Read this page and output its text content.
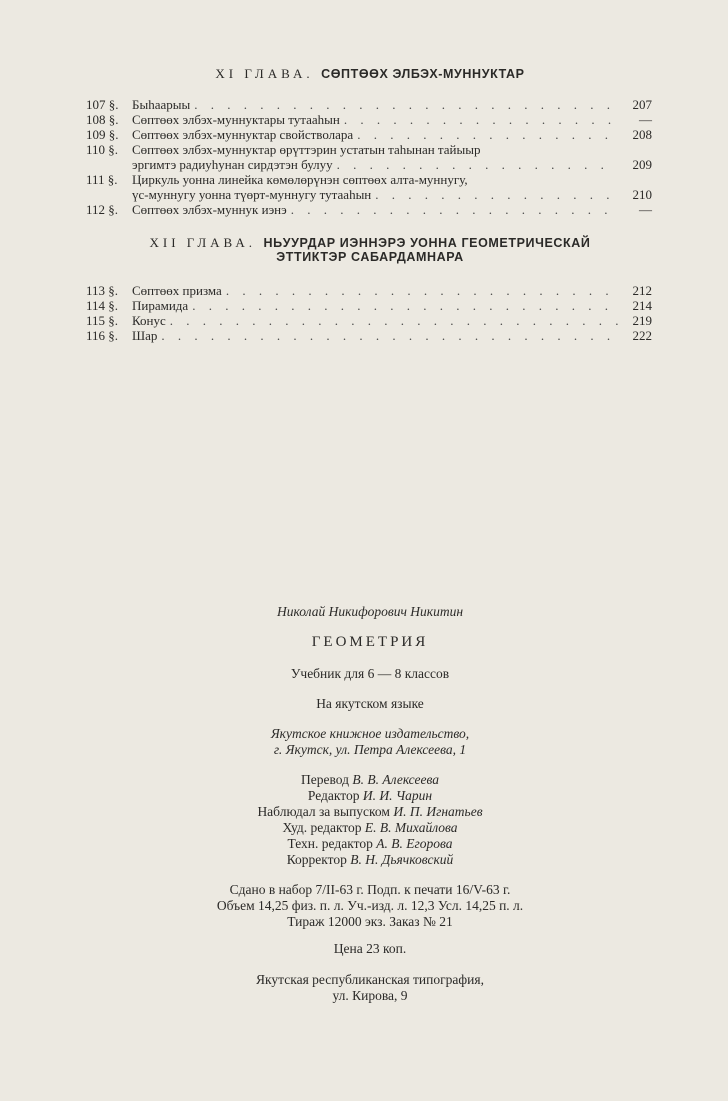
XI ГЛАВА. СӨПТӨӨХ ЭЛБЭХ-МУННУКТАР
107 §.	Быһаарыы . . .	207
108 §.	Сөптөөх элбэх-муннуктары тутааһын . . .	—
109 §.	Сөптөөх элбэх-муннуктар свойстволара . . .	208
110 §.	Сөптөөх элбэх-муннуктар өрүттэрин устатын таһынан тайыыр
эргимтэ радиуһунан сирдэтэн булуу . . .	209
111 §.	Циркуль уонна линейка көмөлөрүнэн сөптөөх алта-муннугу,
үс-муннугу уонна түөрт-муннугу тутааһын . . .	210
112 §.	Сөптөөх элбэх-муннук иэнэ . . .	—
XII ГЛАВА. НЬУУРДАР ИЭННЭРЭ УОННА ГЕОМЕТРИЧЕСКАЙ
ЭТТИКТЭР САБАРДАМНАРА
113 §.	Сөптөөх призма . . .	212
114 §.	Пирамида . . .	214
115 §.	Конус . . .	219
116 §.	Шар . . .	222
Николай Никифорович Никитин
ГЕОМЕТРИЯ
Учебник для 6 — 8 классов
На якутском языке
Якутское книжное издательство,
г. Якутск, ул. Петра Алексеева, 1
Перевод В. В. Алексеева
Редактор И. И. Чарин
Наблюдал за выпуском И. П. Игнатьев
Худ. редактор Е. В. Михайлова
Техн. редактор А. В. Егорова
Корректор В. Н. Дьячковский
Сдано в набор 7/II-63 г. Подп. к печати 16/V-63 г.
Объем 14,25 физ. п. л. Уч.-изд. л. 12,3 Усл. 14,25 п. л.
Тираж 12000 экз. Заказ № 21
Цена 23 коп.
Якутская республиканская типография,
ул. Кирова, 9
